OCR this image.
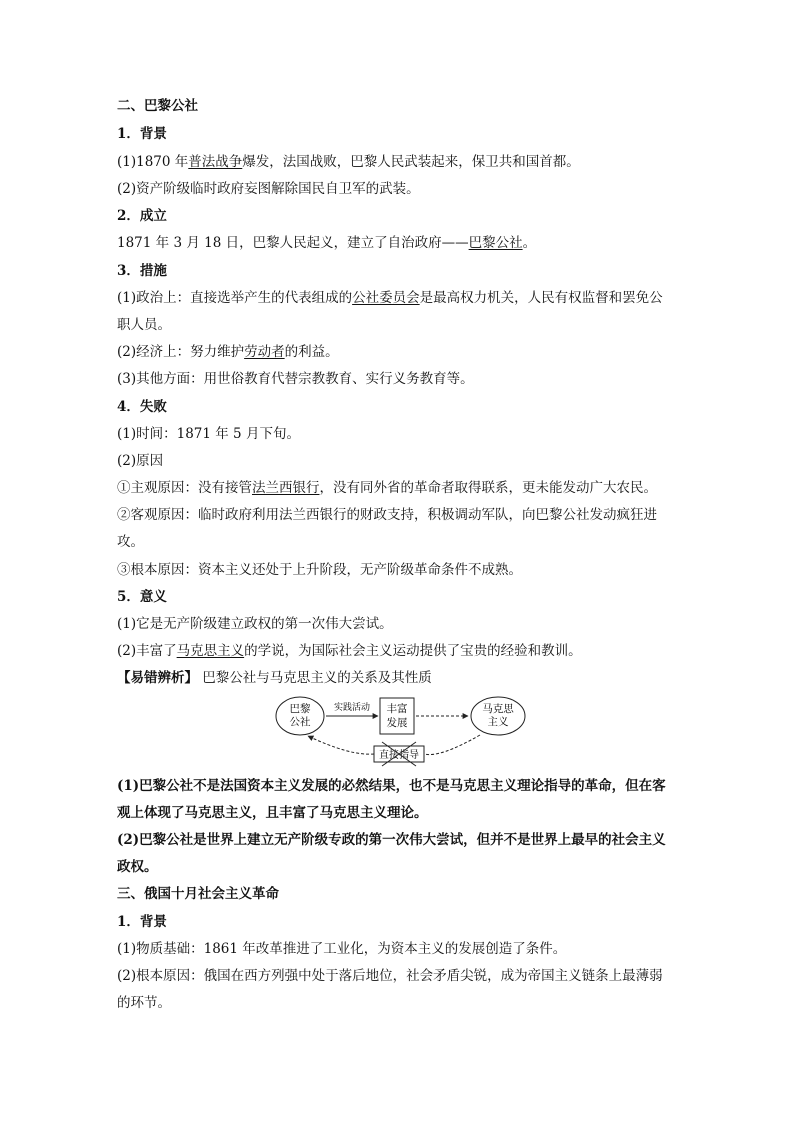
二、巴黎公社
1．背景
(1)1870 年普法战争爆发，法国战败，巴黎人民武装起来，保卫共和国首都。
(2)资产阶级临时政府妄图解除国民自卫军的武装。
2．成立
1871 年 3 月 18 日，巴黎人民起义，建立了自治政府——巴黎公社。
3．措施
(1)政治上：直接选举产生的代表组成的公社委员会是最高权力机关，人民有权监督和罢免公
职人员。
(2)经济上：努力维护劳动者的利益。
(3)其他方面：用世俗教育代替宗教教育、实行义务教育等。
4．失败
(1)时间：1871 年 5 月下旬。
(2)原因
①主观原因：没有接管法兰西银行，没有同外省的革命者取得联系，更未能发动广大农民。
②客观原因：临时政府利用法兰西银行的财政支持，积极调动军队，向巴黎公社发动疯狂进
攻。
③根本原因：资本主义还处于上升阶段，无产阶级革命条件不成熟。
5．意义
(1)它是无产阶级建立政权的第一次伟大尝试。
(2)丰富了马克思主义的学说，为国际社会主义运动提供了宝贵的经验和教训。
【易错辨析】 巴黎公社与马克思主义的关系及其性质
巴黎
公社
实践活动 丰富
发展
马克思
主义
直接指导
(1)巴黎公社不是法国资本主义发展的必然结果，也不是马克思主义理论指导的革命，但在客
观上体现了马克思主义，且丰富了马克思主义理论。
(2)巴黎公社是世界上建立无产阶级专政的第一次伟大尝试，但并不是世界上最早的社会主义
政权。
三、俄国十月社会主义革命
1．背景
(1)物质基础：1861 年改革推进了工业化，为资本主义的发展创造了条件。
(2)根本原因：俄国在西方列强中处于落后地位，社会矛盾尖锐，成为帝国主义链条上最薄弱
的环节。
